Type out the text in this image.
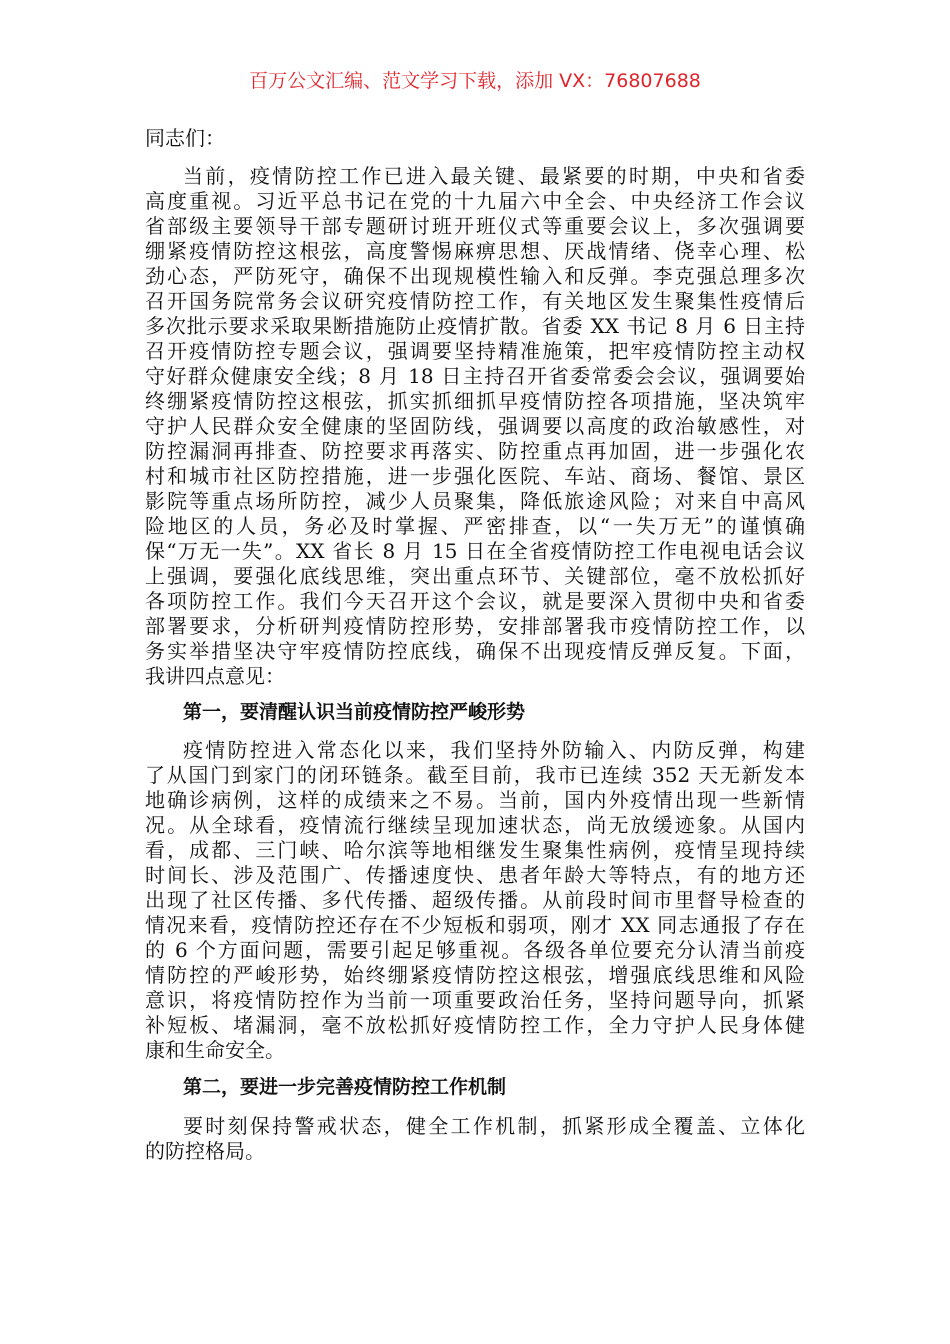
百万公文汇编、范文学习下载，添加 VX：76807688
同志们：
当前，疫情防控工作已进入最关键、最紧要的时期，中央和省委
高度重视。习近平总书记在党的十九届六中全会、中央经济工作会议
省部级主要领导干部专题研讨班开班仪式等重要会议上，多次强调要
绷紧疫情防控这根弦，高度警惕麻痹思想、厌战情绪、侥幸心理、松
劲心态，严防死守，确保不出现规模性输入和反弹。李克强总理多次
召开国务院常务会议研究疫情防控工作，有关地区发生聚集性疫情后
多次批示要求采取果断措施防止疫情扩散。省委 XX 书记 8 月 6 日主持
召开疫情防控专题会议，强调要坚持精准施策，把牢疫情防控主动权
守好群众健康安全线；8 月 18 日主持召开省委常委会会议，强调要始
终绷紧疫情防控这根弦，抓实抓细抓早疫情防控各项措施，坚决筑牢
守护人民群众安全健康的坚固防线，强调要以高度的政治敏感性，对
防控漏洞再排查、防控要求再落实、防控重点再加固，进一步强化农
村和城市社区防控措施，进一步强化医院、车站、商场、餐馆、景区
影院等重点场所防控，减少人员聚集，降低旅途风险；对来自中高风
险地区的人员，务必及时掌握、严密排查，以“一失万无”的谨慎确
保“万无一失”。XX 省长 8 月 15 日在全省疫情防控工作电视电话会议
上强调，要强化底线思维，突出重点环节、关键部位，毫不放松抓好
各项防控工作。我们今天召开这个会议，就是要深入贯彻中央和省委
部署要求，分析研判疫情防控形势，安排部署我市疫情防控工作，以
务实举措坚决守牢疫情防控底线，确保不出现疫情反弹反复。下面，
我讲四点意见：
第一，要清醒认识当前疫情防控严峻形势
疫情防控进入常态化以来，我们坚持外防输入、内防反弹，构建
了从国门到家门的闭环链条。截至目前，我市已连续 352 天无新发本
地确诊病例，这样的成绩来之不易。当前，国内外疫情出现一些新情
况。从全球看，疫情流行继续呈现加速状态，尚无放缓迹象。从国内
看，成都、三门峡、哈尔滨等地相继发生聚集性病例，疫情呈现持续
时间长、涉及范围广、传播速度快、患者年龄大等特点，有的地方还
出现了社区传播、多代传播、超级传播。从前段时间市里督导检查的
情况来看，疫情防控还存在不少短板和弱项，刚才 XX 同志通报了存在
的 6 个方面问题，需要引起足够重视。各级各单位要充分认清当前疫
情防控的严峻形势，始终绷紧疫情防控这根弦，增强底线思维和风险
意识，将疫情防控作为当前一项重要政治任务，坚持问题导向，抓紧
补短板、堵漏洞，毫不放松抓好疫情防控工作，全力守护人民身体健
康和生命安全。
第二，要进一步完善疫情防控工作机制
要时刻保持警戒状态，健全工作机制，抓紧形成全覆盖、立体化
的防控格局。
